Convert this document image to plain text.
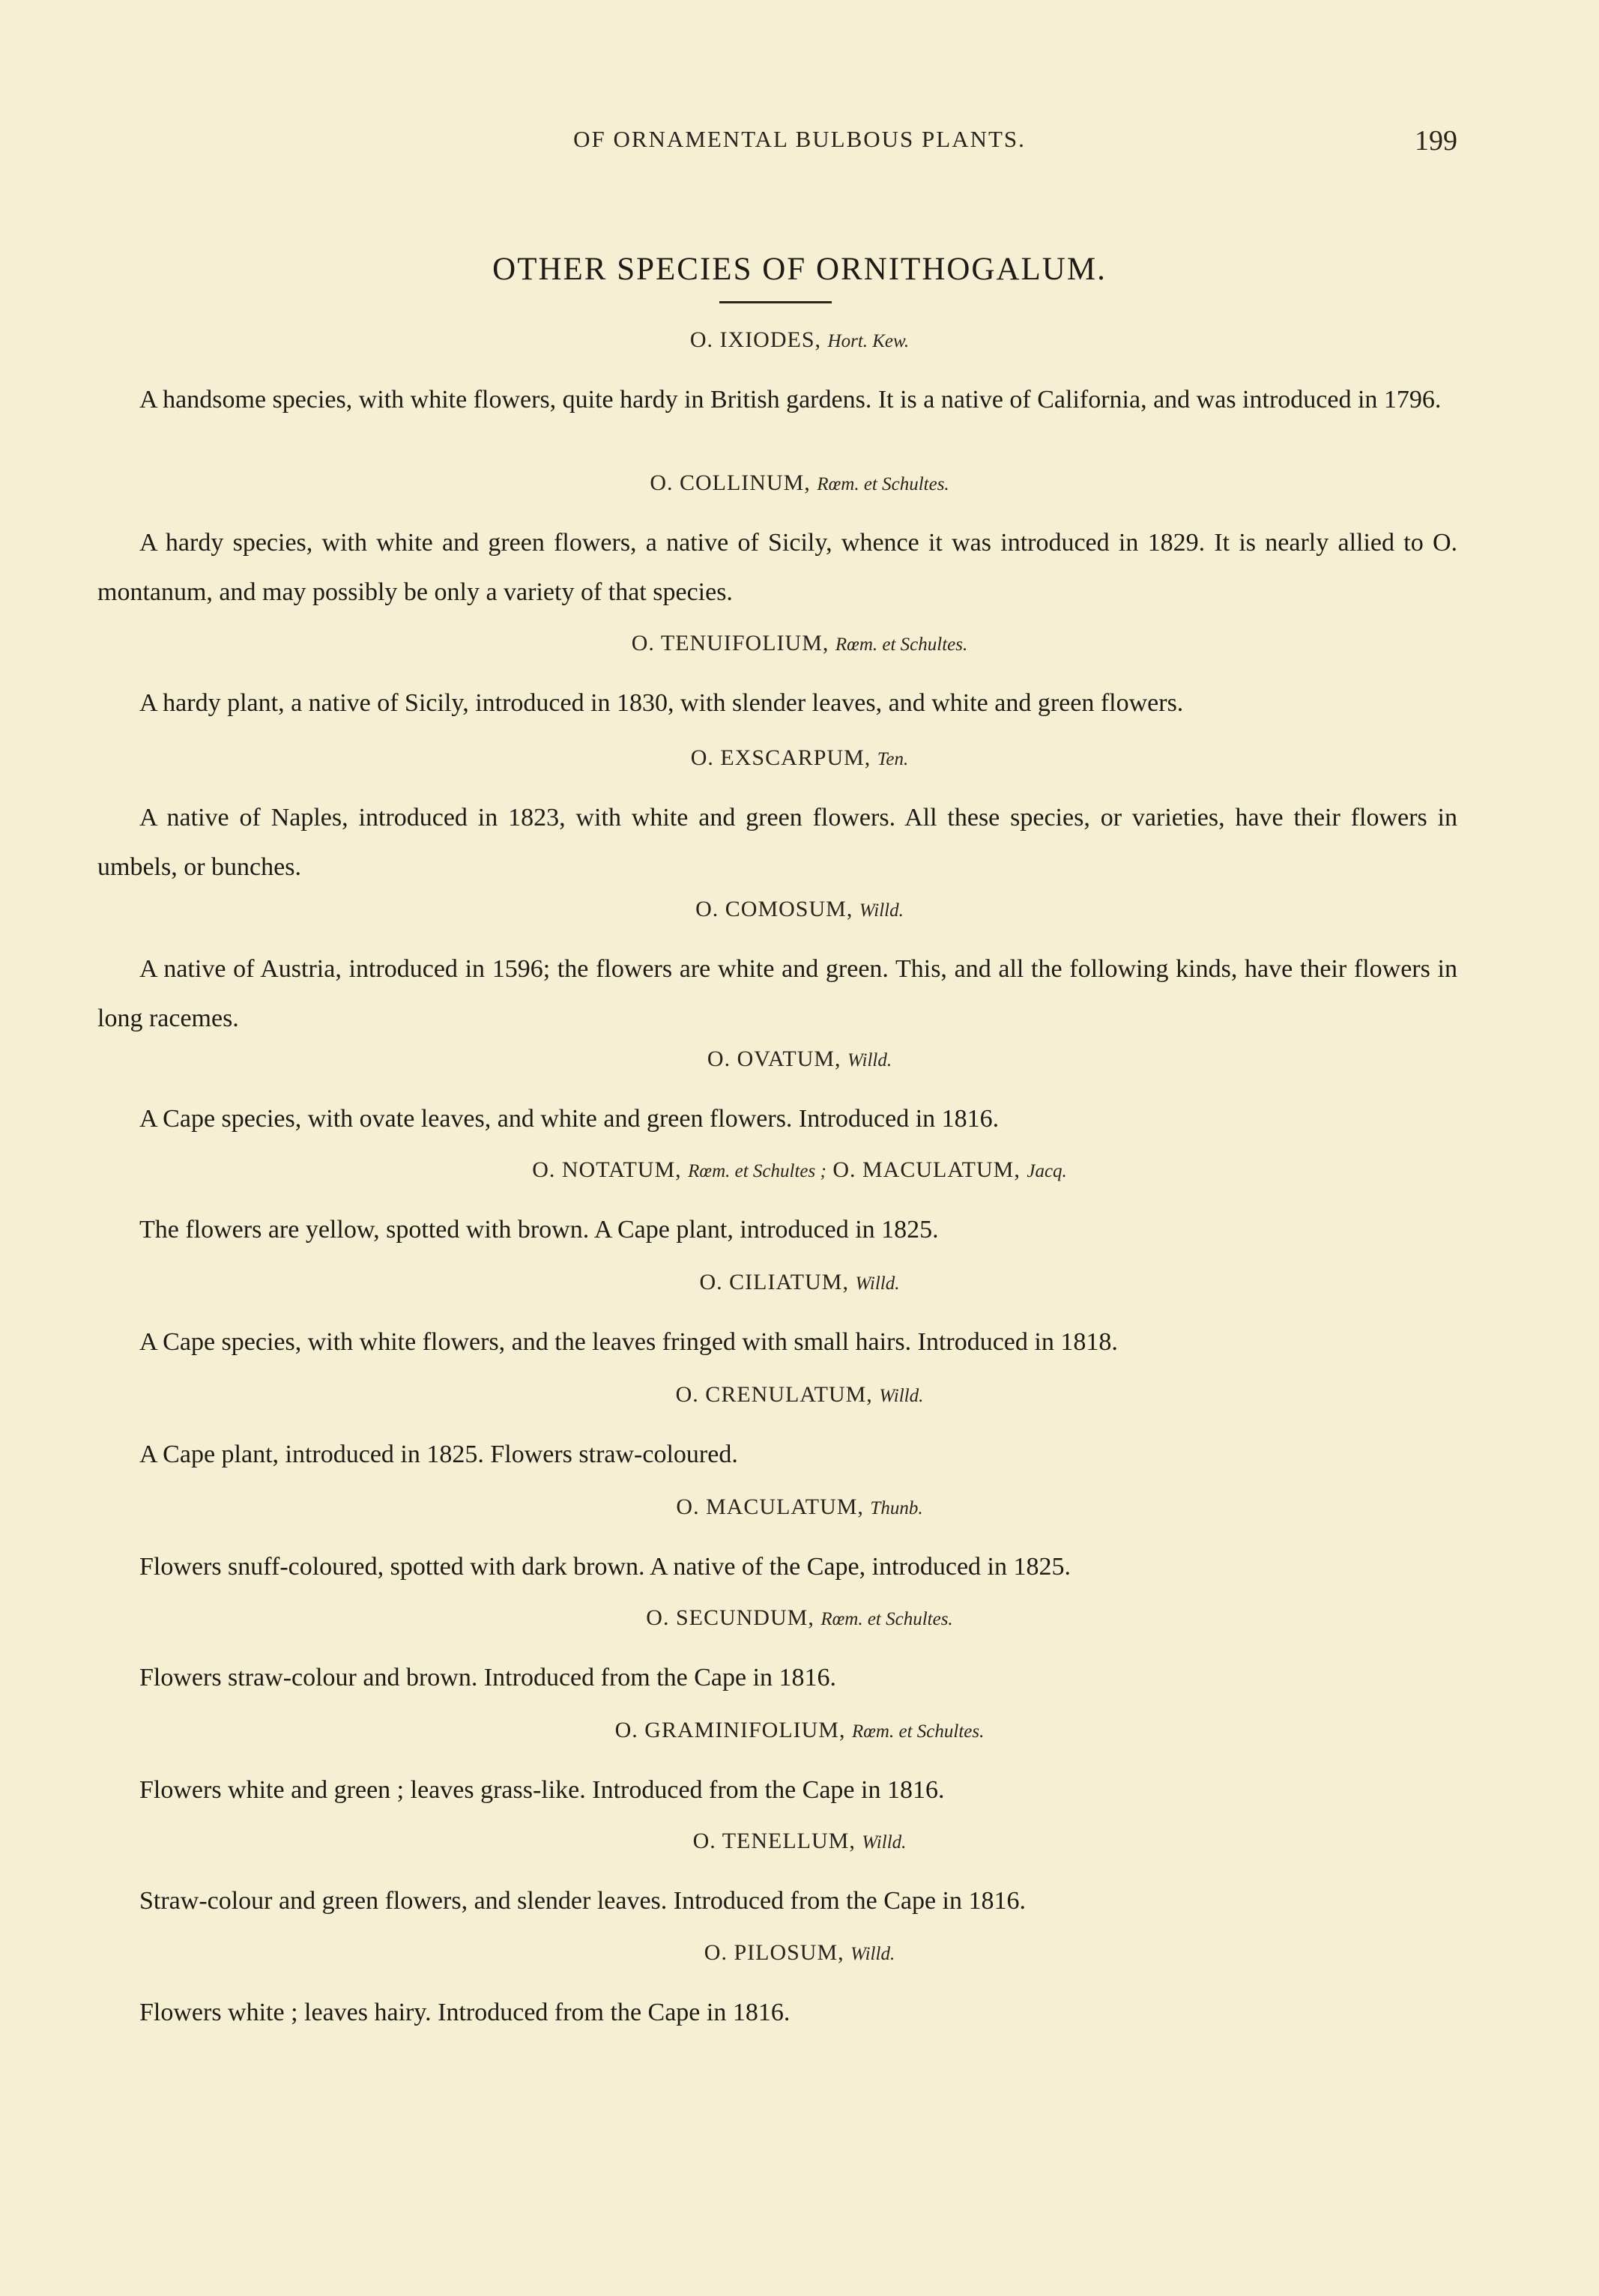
OF ORNAMENTAL BULBOUS PLANTS.	199
OTHER SPECIES OF ORNITHOGALUM.
O. IXIODES, Hort. Kew.
A handsome species, with white flowers, quite hardy in British gardens. It is a native of California, and was introduced in 1796.
O. COLLINUM, Rœm. et Schultes.
A hardy species, with white and green flowers, a native of Sicily, whence it was introduced in 1829. It is nearly allied to O. montanum, and may possibly be only a variety of that species.
O. TENUIFOLIUM, Rœm. et Schultes.
A hardy plant, a native of Sicily, introduced in 1830, with slender leaves, and white and green flowers.
O. EXSCARPUM, Ten.
A native of Naples, introduced in 1823, with white and green flowers. All these species, or varieties, have their flowers in umbels, or bunches.
O. COMOSUM, Willd.
A native of Austria, introduced in 1596; the flowers are white and green. This, and all the following kinds, have their flowers in long racemes.
O. OVATUM, Willd.
A Cape species, with ovate leaves, and white and green flowers. Introduced in 1816.
O. NOTATUM, Rœm. et Schultes ; O. MACULATUM, Jacq.
The flowers are yellow, spotted with brown. A Cape plant, introduced in 1825.
O. CILIATUM, Willd.
A Cape species, with white flowers, and the leaves fringed with small hairs. Introduced in 1818.
O. CRENULATUM, Willd.
A Cape plant, introduced in 1825. Flowers straw-coloured.
O. MACULATUM, Thunb.
Flowers snuff-coloured, spotted with dark brown. A native of the Cape, introduced in 1825.
O. SECUNDUM, Rœm. et Schultes.
Flowers straw-colour and brown. Introduced from the Cape in 1816.
O. GRAMINIFOLIUM, Rœm. et Schultes.
Flowers white and green ; leaves grass-like. Introduced from the Cape in 1816.
O. TENELLUM, Willd.
Straw-colour and green flowers, and slender leaves. Introduced from the Cape in 1816.
O. PILOSUM, Willd.
Flowers white ; leaves hairy. Introduced from the Cape in 1816.
